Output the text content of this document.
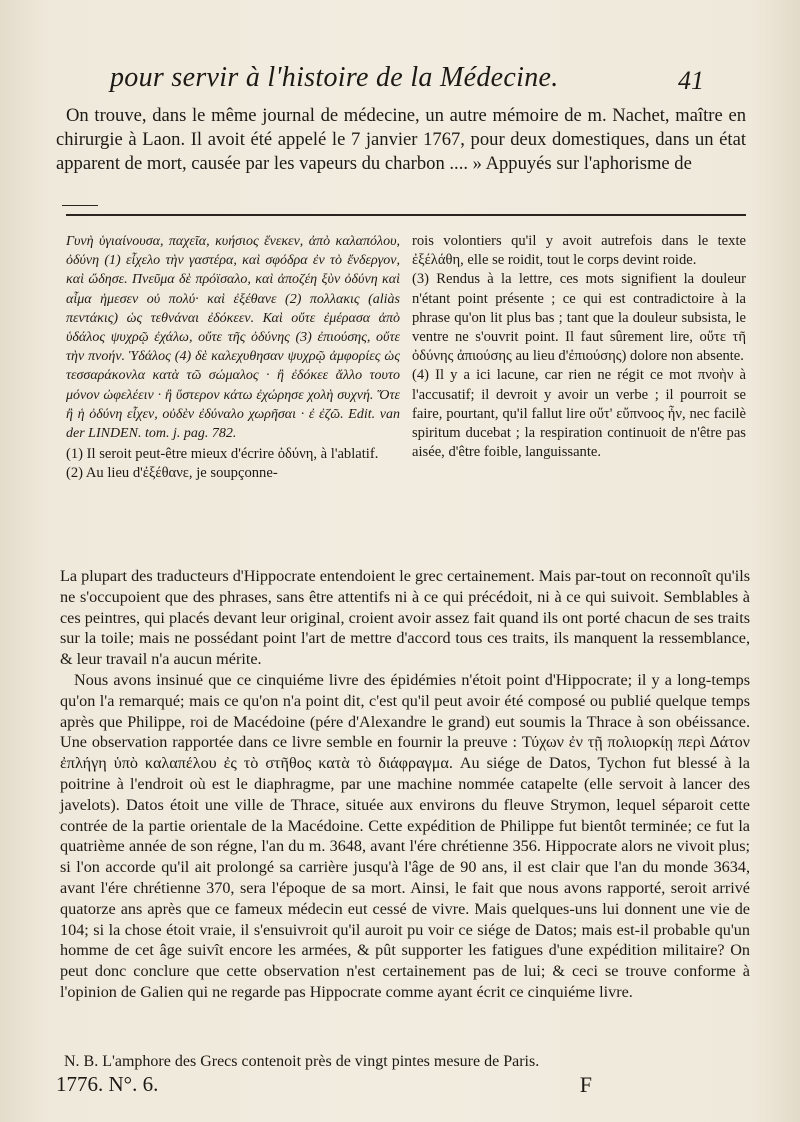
pour servir à l'histoire de la Médecine.	41

On trouve, dans le même journal de médecine, un autre mémoire de m. Nachet, maître en chirurgie à Laon. Il avoit été appelé le 7 janvier 1767, pour deux domestiques, dans un état apparent de mort, causée par les vapeurs du charbon .... » Appuyés sur l'aphorisme de

Γυνὴ ὑγιαίνουσα, παχεῖα, κυήσιος ἕνεκεν, ἀπὸ καλαπόλου, ὀδύνη (1) εἶχελο τὴν γαστέρα, καὶ σφόδρα ἐν τὸ ἔνδεργον, καὶ ὤδησε. Πνεῦμα δὲ πρόϊσαλο, καὶ ἀποζέη ξὺν ὀδύνη καὶ αἷμα ἡμεσεν οὐ πολύ· καὶ ἐξέθανε (2) πολλακις (aliàs πεντάκις) ὡς τεθνάναι ἐδόκεεν. Καὶ οὔτε ἐμέρασα ἀπὸ ὑδάλος ψυχρῷ ἐχάλω, οὔτε τῆς ὀδύνης (3) ἐπιούσης, οὔτε τὴν πνοήν. Ὑδάλος (4) δὲ καλεχυθησαν ψυχρῷ ἀμφορίες ὡς τεσσαράκονλα κατὰ τῶ σώμαλος · ἢ ἐδόκεε ἄλλο τουτο μόνον ὠφελέειν · ἢ ὕστερον κάτω ἐχώρησε χολὴ συχνή. Ὅτε ἢ ἡ ὀδύνη εἶχεν, οὐδὲν ἐδύναλο χωρῆσαι · ἐ ἐζῶ. Edit. van der LINDEN. tom. j. pag. 782.

(1) Il seroit peut-être mieux d'écrire ὀδύνη, à l'ablatif.

(2) Au lieu d'ἐξέθανε, je soupçonne-

rois volontiers qu'il y avoit autrefois dans le texte ἐξέλάθη, elle se roidit, tout le corps devint roide.

(3) Rendus à la lettre, ces mots signifient la douleur n'étant point présente ; ce qui est contradictoire à la phrase qu'on lit plus bas ; tant que la douleur subsista, le ventre ne s'ouvrit point. Il faut sûrement lire, οὔτε τῆ ὀδύνης ἀπιούσης au lieu d'ἐπιούσης) dolore non absente.

(4) Il y a ici lacune, car rien ne régit ce mot πνοὴν à l'accusatif; il devroit y avoir un verbe ; il pourroit se faire, pourtant, qu'il fallut lire οὔτ' εὔπνοος ἦν, nec facilè spiritum ducebat ; la respiration continuoit de n'être pas aisée, d'être foible, languissante.

La plupart des traducteurs d'Hippocrate entendoient le grec certainement. Mais par-tout on reconnoît qu'ils ne s'occupoient que des phrases, sans être attentifs ni à ce qui précédoit, ni à ce qui suivoit. Semblables à ces peintres, qui placés devant leur original, croient avoir assez fait quand ils ont porté chacun de ses traits sur la toile; mais ne possédant point l'art de mettre d'accord tous ces traits, ils manquent la ressemblance, & leur travail n'a aucun mérite.

Nous avons insinué que ce cinquiéme livre des épidémies n'étoit point d'Hippocrate; il y a long-temps qu'on l'a remarqué; mais ce qu'on n'a point dit, c'est qu'il peut avoir été composé ou publié quelque temps après que Philippe, roi de Macédoine (pére d'Alexandre le grand) eut soumis la Thrace à son obéissance. Une observation rapportée dans ce livre semble en fournir la preuve : Τύχων ἐν τῇ πολιορκίῃ περὶ Δάτον ἐπλήγη ὑπὸ καλαπέλου ἐς τὸ στῆθος κατὰ τὸ διάφραγμα. Au siége de Datos, Tychon fut blessé à la poitrine à l'endroit où est le diaphragme, par une machine nommée catapelte (elle servoit à lancer des javelots). Datos étoit une ville de Thrace, située aux environs du fleuve Strymon, lequel séparoit cette contrée de la partie orientale de la Macédoine. Cette expédition de Philippe fut bientôt terminée; ce fut la quatrième année de son régne, l'an du m. 3648, avant l'ére chrétienne 356. Hippocrate alors ne vivoit plus; si l'on accorde qu'il ait prolongé sa carrière jusqu'à l'âge de 90 ans, il est clair que l'an du monde 3634, avant l'ére chrétienne 370, sera l'époque de sa mort. Ainsi, le fait que nous avons rapporté, seroit arrivé quatorze ans après que ce fameux médecin eut cessé de vivre. Mais quelques-uns lui donnent une vie de 104; si la chose étoit vraie, il s'ensuivroit qu'il auroit pu voir ce siége de Datos; mais est-il probable qu'un homme de cet âge suivît encore les armées, & pût supporter les fatigues d'une expédition militaire? On peut donc conclure que cette observation n'est certainement pas de lui; & ceci se trouve conforme à l'opinion de Galien qui ne regarde pas Hippocrate comme ayant écrit ce cinquiéme livre.

N. B. L'amphore des Grecs contenoit près de vingt pintes mesure de Paris.
1776. N°. 6.	F
